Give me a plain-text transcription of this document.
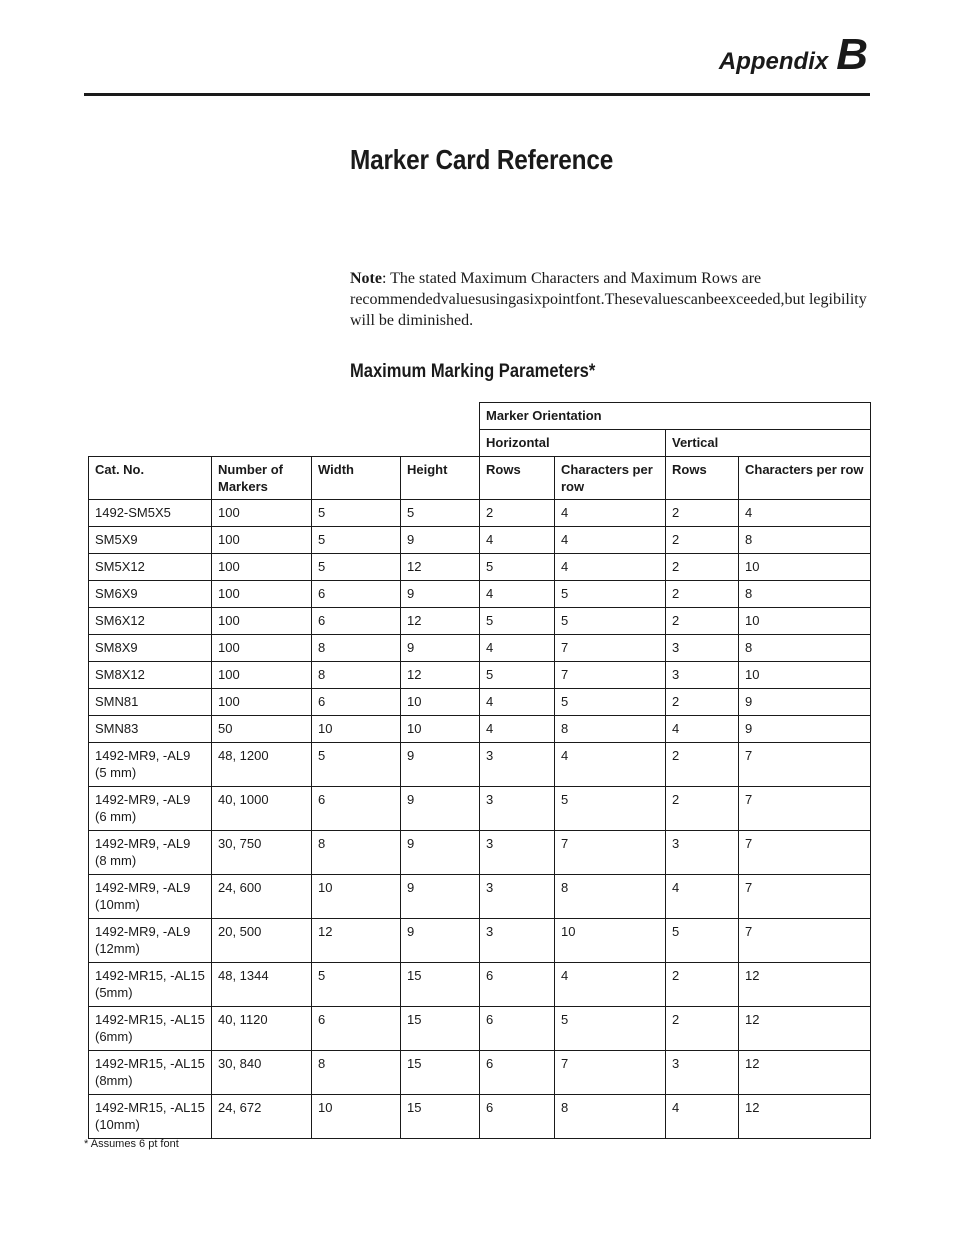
Appendix B
Marker Card Reference

Note: The stated Maximum Characters and Maximum Rows are recommendedvaluesusingasixpointfont.Thesevaluescanbeexceeded,but legibility will be diminished.

Maximum Marking Parameters*
				Marker Orientation			
				Horizontal		Vertical	
Cat. No.	Number of Markers	Width	Height	Rows	Characters per row	Rows	Characters per row
1492-SM5X5	100	5	5	2	4	2	4
SM5X9	100	5	9	4	4	2	8
SM5X12	100	5	12	5	4	2	10
SM6X9	100	6	9	4	5	2	8
SM6X12	100	6	12	5	5	2	10
SM8X9	100	8	9	4	7	3	8
SM8X12	100	8	12	5	7	3	10
SMN81	100	6	10	4	5	2	9
SMN83	50	10	10	4	8	4	9
1492-MR9, -AL9 (5 mm)	48, 1200	5	9	3	4	2	7
1492-MR9, -AL9 (6 mm)	40, 1000	6	9	3	5	2	7
1492-MR9, -AL9 (8 mm)	30, 750	8	9	3	7	3	7
1492-MR9, -AL9 (10mm)	24, 600	10	9	3	8	4	7
1492-MR9, -AL9 (12mm)	20, 500	12	9	3	10	5	7
1492-MR15, -AL15 (5mm)	48, 1344	5	15	6	4	2	12
1492-MR15, -AL15 (6mm)	40, 1120	6	15	6	5	2	12
1492-MR15, -AL15 (8mm)	30, 840	8	15	6	7	3	12
1492-MR15, -AL15 (10mm)	24, 672	10	15	6	8	4	12

* Assumes 6 pt font
